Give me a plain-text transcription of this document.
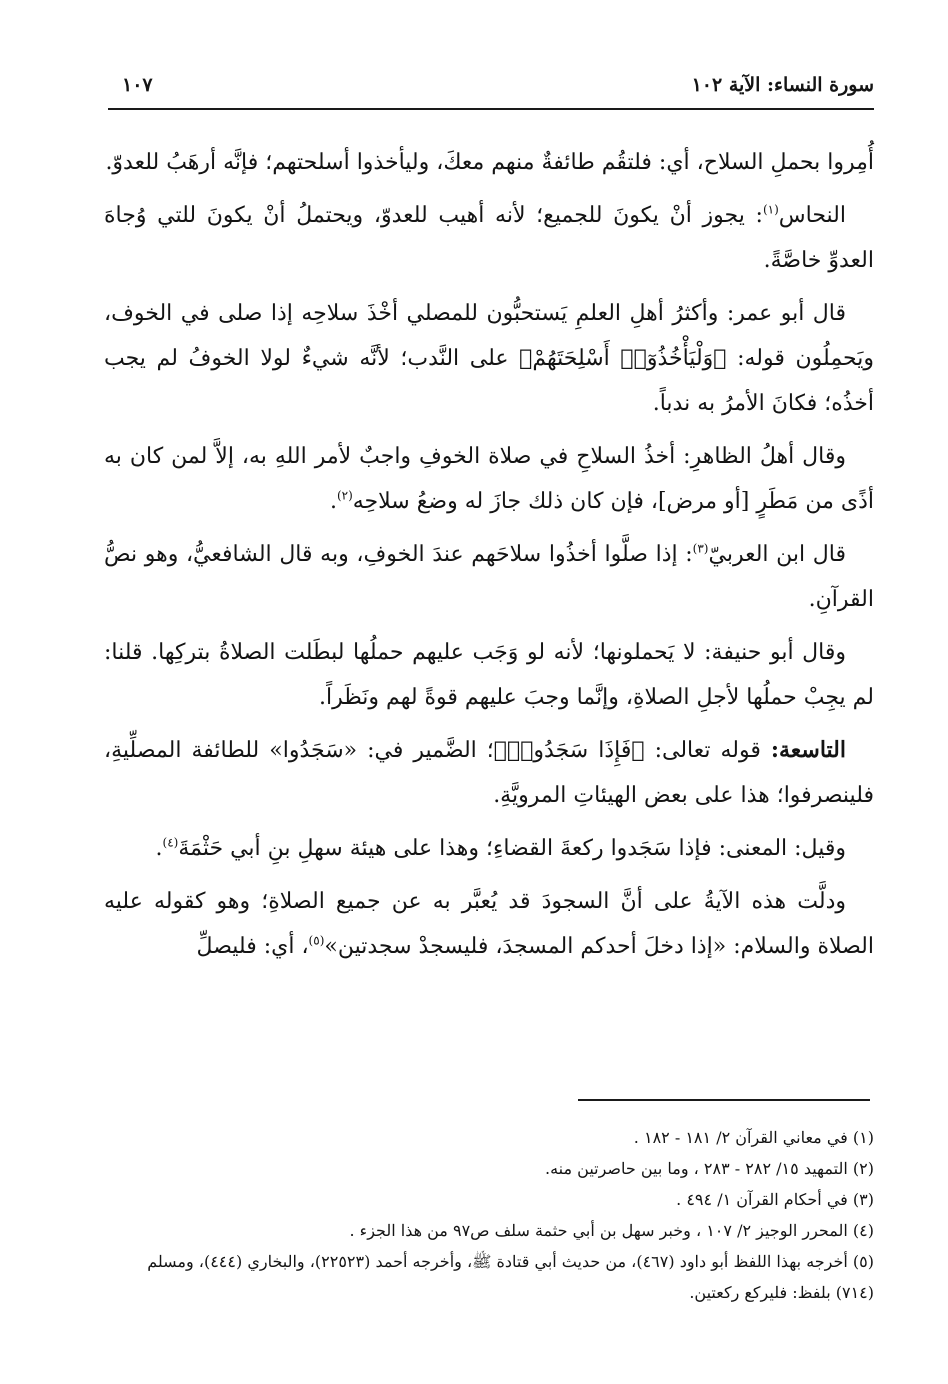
سورة النساء: الآية ١٠٢
١٠٧

أُمِروا بحملِ السلاح، أي: فلتقُم طائفةٌ منهم معكَ، وليأخذوا أسلحتهم؛ فإنَّه أرهَبُ للعدوّ.

النحاس$^{(١)}$: يجوز أنْ يكونَ للجميع؛ لأنه أهيب للعدوّ، ويحتملُ أنْ يكونَ للتي وُجاهَ العدوِّ خاصَّةً.

قال أبو عمر: وأكثرُ أهلِ العلمِ يَستحبُّون للمصلي أخْذَ سلاحِه إذا صلى في الخوف، ويَحمِلُون قوله: ﴿وَلْيَأْخُذُوٓا۟ أَسْلِحَتَهُمْ﴾ على النَّدب؛ لأنَّه شيءٌ لولا الخوفُ لم يجب أخذُه؛ فكانَ الأمرُ به ندباً.

وقال أهلُ الظاهرِ: أخذُ السلاحِ في صلاة الخوفِ واجبٌ لأمر اللهِ به، إلاَّ لمن كان به أذًى من مَطَرٍ [أو مرض]، فإن كان ذلك جازَ له وضعُ سلاحِه$^{(٢)}$.

قال ابن العربيّ$^{(٣)}$: إذا صلَّوا أخذُوا سلاحَهم عندَ الخوفِ، وبه قال الشافعيُّ، وهو نصُّ القرآنِ.

وقال أبو حنيفة: لا يَحملونها؛ لأنه لو وَجَب عليهم حملُها لبطَلت الصلاةُ بتركِها. قلنا: لم يجِبْ حملُها لأجلِ الصلاةِ، وإنَّما وجبَ عليهم قوةً لهم ونَظَراً.

التاسعة: قوله تعالى: ﴿فَإِذَا سَجَدُوا۟﴾؛ الضَّمير في: «سَجَدُوا» للطائفة المصلِّيةِ، فلينصرفوا؛ هذا على بعض الهيئاتِ المرويَّةِ.

وقيل: المعنى: فإذا سَجَدوا ركعةَ القضاءِ؛ وهذا على هيئة سهلِ بنِ أبي حَثْمَةَ$^{(٤)}$.

ودلَّت هذه الآيةُ على أنَّ السجودَ قد يُعبَّر به عن جميع الصلاةِ؛ وهو كقوله عليه الصلاة والسلام: «إذا دخلَ أحدكم المسجدَ، فليسجدْ سجدتين»$^{(٥)}$، أي: فليصلِّ

(١) في معاني القرآن ٢/ ١٨١ - ١٨٢ .

(٢) التمهيد ١٥/ ٢٨٢ - ٢٨٣ ، وما بين حاصرتين منه.

(٣) في أحكام القرآن ١/ ٤٩٤ .

(٤) المحرر الوجيز ٢/ ١٠٧ ، وخبر سهل بن أبي حثمة سلف ص٩٧ من هذا الجزء .

(٥) أخرجه بهذا اللفظ أبو داود (٤٦٧)، من حديث أبي قتادة ﷺ، وأخرجه أحمد (٢٢٥٢٣)، والبخاري (٤٤٤)، ومسلم (٧١٤) بلفظ: فليركع ركعتين.
